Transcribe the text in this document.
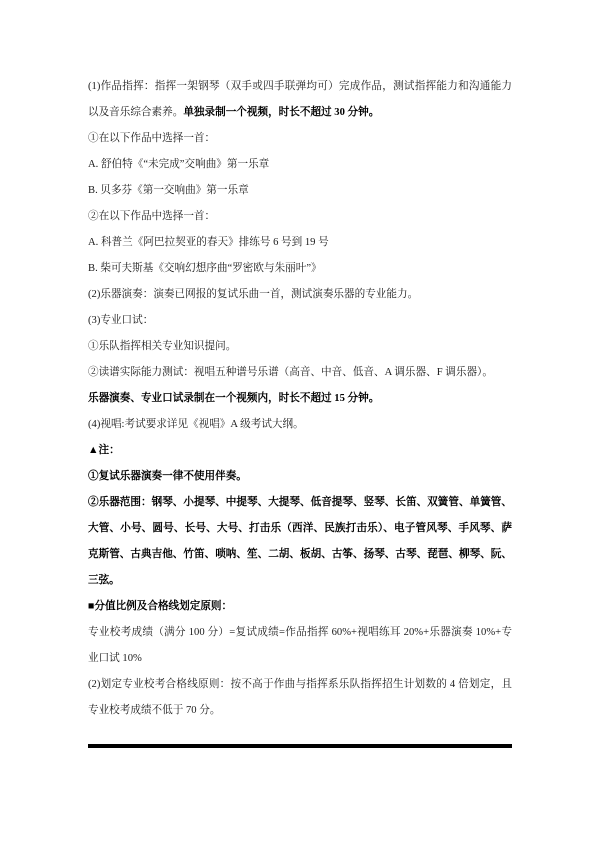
(1)作品指挥：指挥一架钢琴（双手或四手联弹均可）完成作品，测试指挥能力和沟通能力以及音乐综合素养。单独录制一个视频，时长不超过 30 分钟。

①在以下作品中选择一首：

A. 舒伯特《“未完成”交响曲》第一乐章

B. 贝多芬《第一交响曲》第一乐章

②在以下作品中选择一首：

A. 科普兰《阿巴拉契亚的春天》排练号 6 号到 19 号

B. 柴可夫斯基《交响幻想序曲“罗密欧与朱丽叶”》

(2)乐器演奏：演奏已网报的复试乐曲一首，测试演奏乐器的专业能力。

(3)专业口试：

①乐队指挥相关专业知识提问。

②读谱实际能力测试：视唱五种谱号乐谱（高音、中音、低音、A 调乐器、F 调乐器）。

乐器演奏、专业口试录制在一个视频内，时长不超过 15 分钟。

(4)视唱:考试要求详见《视唱》A 级考试大纲。

▲注：

①复试乐器演奏一律不使用伴奏。

②乐器范围：钢琴、小提琴、中提琴、大提琴、低音提琴、竖琴、长笛、双簧管、单簧管、大管、小号、圆号、长号、大号、打击乐（西洋、民族打击乐）、电子管风琴、手风琴、萨克斯管、古典吉他、竹笛、唢呐、笙、二胡、板胡、古筝、扬琴、古琴、琵琶、柳琴、阮、三弦。

■分值比例及合格线划定原则：

专业校考成绩（满分 100 分）=复试成绩=作品指挥 60%+视唱练耳 20%+乐器演奏 10%+专业口试 10%

(2)划定专业校考合格线原则：按不高于作曲与指挥系乐队指挥招生计划数的 4 倍划定，且专业校考成绩不低于 70 分。
